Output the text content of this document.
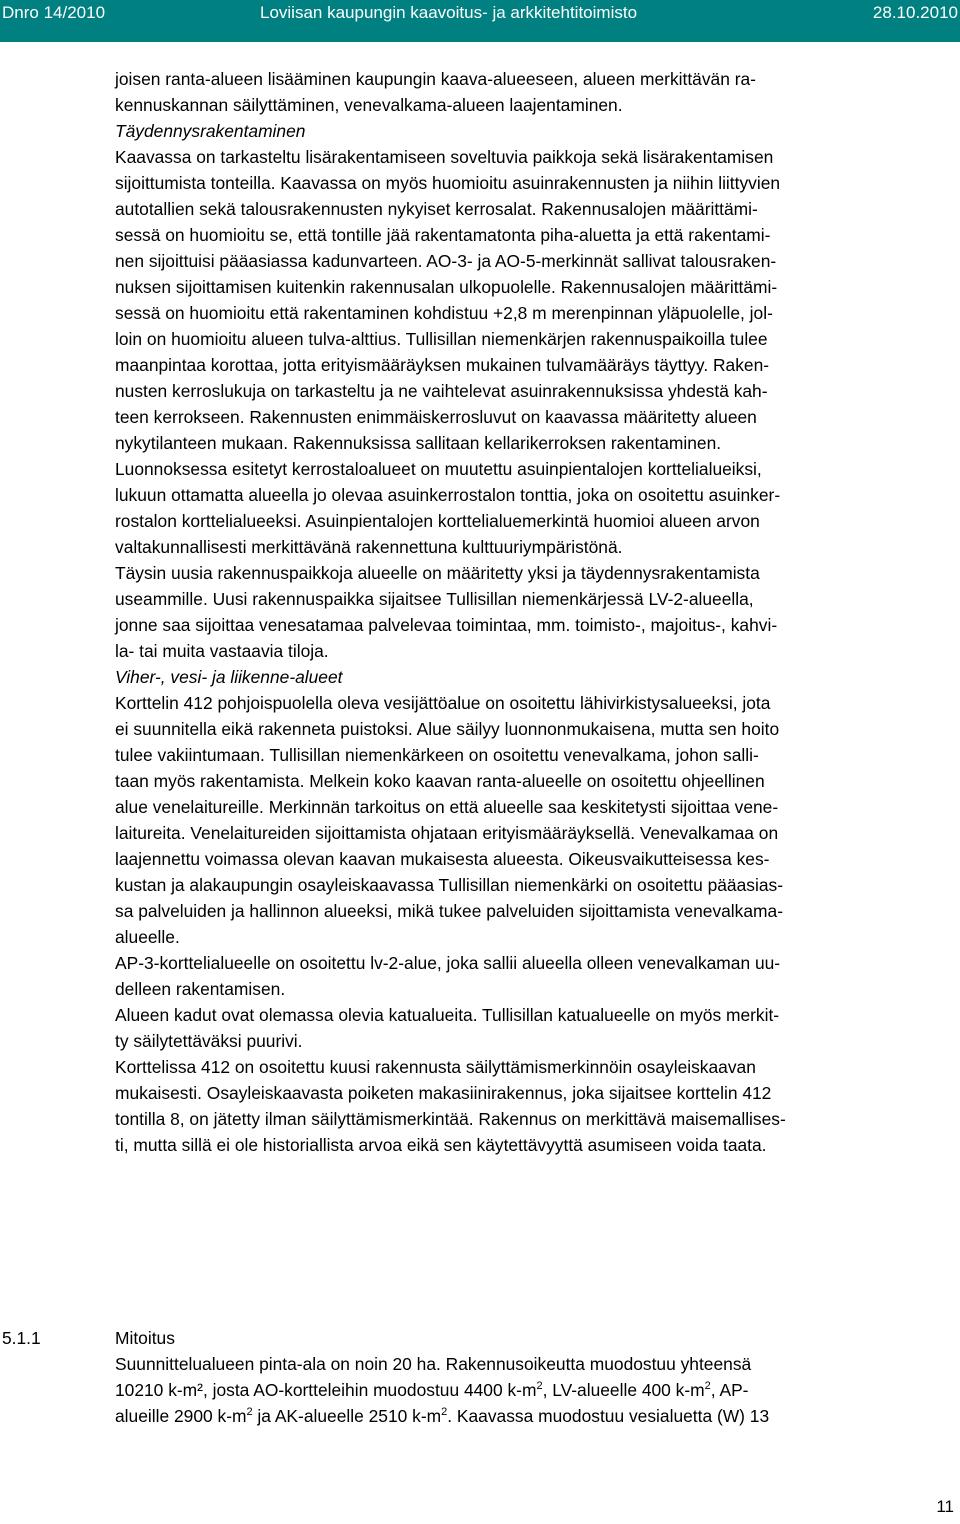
Dnro 14/2010	Loviisan kaupungin kaavoitus- ja arkkitehtitoimisto	28.10.2010

joisen ranta-alueen lisääminen kaupungin kaava-alueeseen, alueen merkittävän ra-
kennuskannan säilyttäminen, venevalkama-alueen laajentaminen.

Täydennysrakentaminen
Kaavassa on tarkasteltu lisärakentamiseen soveltuvia paikkoja sekä lisärakentamisen
sijoittumista tonteilla. Kaavassa on myös huomioitu asuinrakennusten ja niihin liittyvien
autotallien sekä talousrakennusten nykyiset kerrosalat. Rakennusalojen määrittämi-
sessä on huomioitu se, että tontille jää rakentamatonta piha-aluetta ja että rakentami-
nen sijoittuisi pääasiassa kadunvarteen. AO-3- ja AO-5-merkinnät sallivat talousraken-
nuksen sijoittamisen kuitenkin rakennusalan ulkopuolelle. Rakennusalojen määrittämi-
sessä on huomioitu että rakentaminen kohdistuu +2,8 m merenpinnan yläpuolelle, jol-
loin on huomioitu alueen tulva-alttius. Tullisillan niemenkärjen rakennuspaikoilla tulee
maanpintaa korottaa, jotta erityismääräyksen mukainen tulvamääräys täyttyy. Raken-
nusten kerroslukuja on tarkasteltu ja ne vaihtelevat asuinrakennuksissa yhdestä kah-
teen kerrokseen. Rakennusten enimmäiskerrosluvut on kaavassa määritetty alueen
nykytilanteen mukaan. Rakennuksissa sallitaan kellarikerroksen rakentaminen.

Luonnoksessa esitetyt kerrostaloalueet on muutettu asuinpientalojen korttelialueiksi,
lukuun ottamatta alueella jo olevaa asuinkerrostalon tonttia, joka on osoitettu asuinker-
rostalon korttelialueeksi. Asuinpientalojen korttelialuemerkintä huomioi alueen arvon
valtakunnallisesti merkittävänä rakennettuna kulttuuriympäristönä.

Täysin uusia rakennuspaikkoja alueelle on määritetty yksi ja täydennysrakentamista
useammille. Uusi rakennuspaikka sijaitsee Tullisillan niemenkärjessä LV-2-alueella,
jonne saa sijoittaa venesatamaa palvelevaa toimintaa, mm. toimisto-, majoitus-, kahvi-
la- tai muita vastaavia tiloja.

Viher-, vesi- ja liikenne-alueet
Korttelin 412 pohjoispuolella oleva vesijättöalue on osoitettu lähivirkistysalueeksi, jota
ei suunnitella eikä rakenneta puistoksi. Alue säilyy luonnonmukaisena, mutta sen hoito
tulee vakiintumaan. Tullisillan niemenkärkeen on osoitettu venevalkama, johon salli-
taan myös rakentamista. Melkein koko kaavan ranta-alueelle on osoitettu ohjeellinen
alue venelaitureille. Merkinnän tarkoitus on että alueelle saa keskitetysti sijoittaa vene-
laitureita. Venelaitureiden sijoittamista ohjataan erityismääräyksellä. Venevalkamaa on
laajennettu voimassa olevan kaavan mukaisesta alueesta. Oikeusvaikutteisessa kes-
kustan ja alakaupungin osayleiskaavassa Tullisillan niemenkärki on osoitettu pääasias-
sa palveluiden ja hallinnon alueeksi, mikä tukee palveluiden sijoittamista venevalkama-
alueelle.

AP-3-korttelialueelle on osoitettu lv-2-alue, joka sallii alueella olleen venevalkaman uu-
delleen rakentamisen.

Alueen kadut ovat olemassa olevia katualueita. Tullisillan katualueelle on myös merkit-
ty säilytettäväksi puurivi.

Korttelissa 412 on osoitettu kuusi rakennusta säilyttämismerkinnöin osayleiskaavan
mukaisesti. Osayleiskaavasta poiketen makasiinirakennus, joka sijaitsee korttelin 412
tontilla 8, on jätetty ilman säilyttämismerkintää. Rakennus on merkittävä maisemallises-
ti, mutta sillä ei ole historiallista arvoa eikä sen käytettävyyttä asumiseen voida taata.

5.1.1	Mitoitus
Suunnittelualueen pinta-ala on noin 20 ha. Rakennusoikeutta muodostuu yhteensä
10210 k-m², josta AO-kortteleihin muodostuu 4400 $k-m^2$, LV-alueelle 400 $k-m^2$, AP-
alueille 2900 $k-m^2$ ja AK-alueelle 2510 $k-m^2$. Kaavassa muodostuu vesialuetta (W) 13
11
